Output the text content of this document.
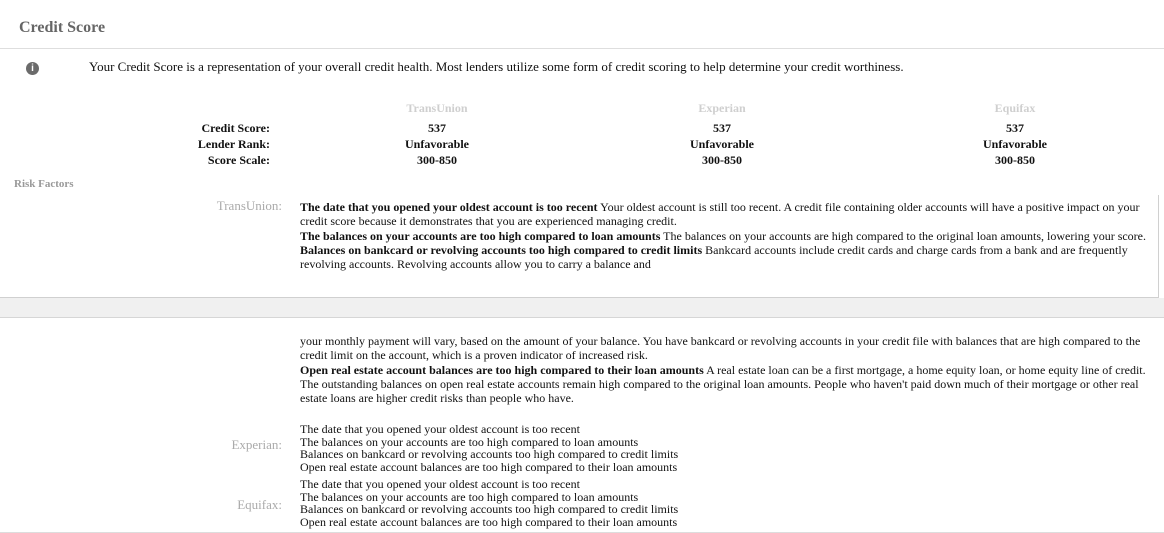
Credit Score
i	Your Credit Score is a representation of your overall credit health. Most lenders utilize some form of credit scoring to help determine your credit worthiness.
TransUnion	Experian	Equifax
Credit Score:	537	537	537
Lender Rank:	Unfavorable	Unfavorable	Unfavorable
Score Scale:	300-850	300-850	300-850
Risk Factors
TransUnion: The date that you opened your oldest account is too recent Your oldest account is still too recent. A credit file containing older accounts will have a positive impact on your credit score because it demonstrates that you are experienced managing credit.
The balances on your accounts are too high compared to loan amounts The balances on your accounts are high compared to the original loan amounts, lowering your score.
Balances on bankcard or revolving accounts too high compared to credit limits Bankcard accounts include credit cards and charge cards from a bank and are frequently revolving accounts. Revolving accounts allow you to carry a balance and
your monthly payment will vary, based on the amount of your balance. You have bankcard or revolving accounts in your credit file with balances that are high compared to the credit limit on the account, which is a proven indicator of increased risk.
Open real estate account balances are too high compared to their loan amounts A real estate loan can be a first mortgage, a home equity loan, or home equity line of credit. The outstanding balances on open real estate accounts remain high compared to the original loan amounts. People who haven't paid down much of their mortgage or other real estate loans are higher credit risks than people who have.
Experian:
The date that you opened your oldest account is too recent
The balances on your accounts are too high compared to loan amounts
Balances on bankcard or revolving accounts too high compared to credit limits
Open real estate account balances are too high compared to their loan amounts
Equifax:
The date that you opened your oldest account is too recent
The balances on your accounts are too high compared to loan amounts
Balances on bankcard or revolving accounts too high compared to credit limits
Open real estate account balances are too high compared to their loan amounts
